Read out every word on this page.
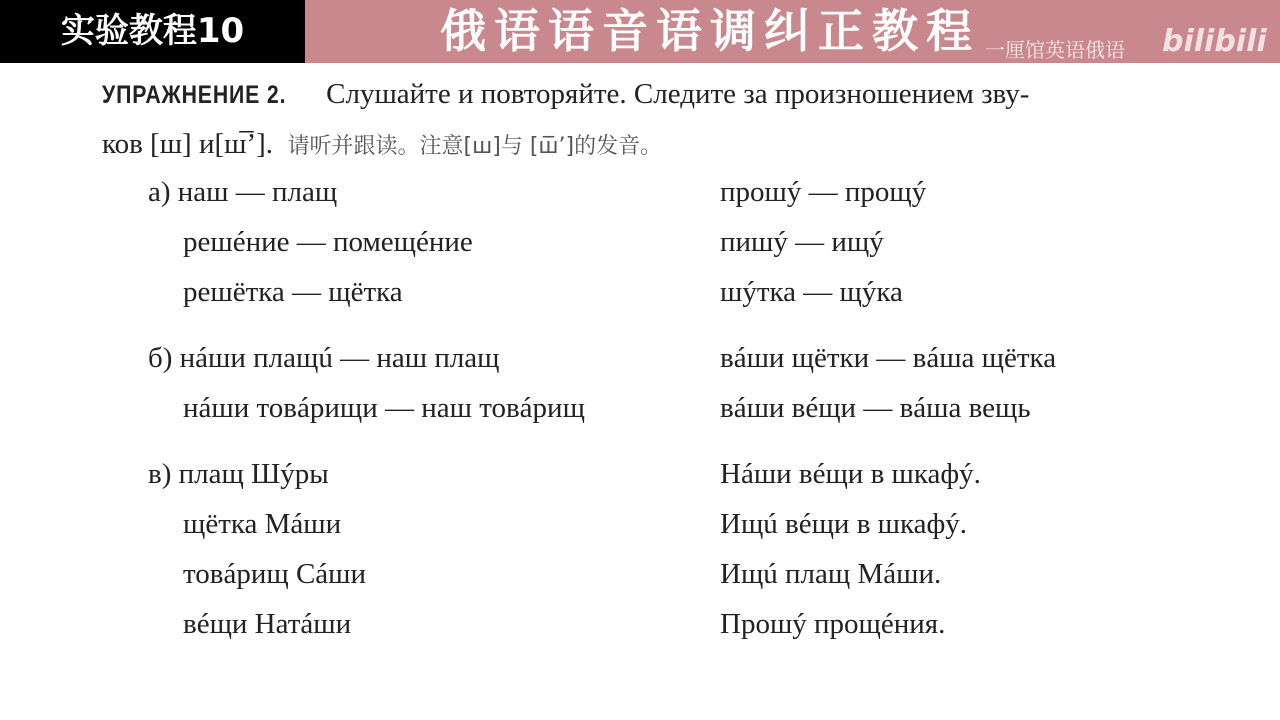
实验教程10	俄语语音语调纠正教程 一厘馆英语俄语 bilibili
УПРАЖНЕНИЕ 2. Слушайте и повторяйте. Следите за произношением зву-
ков [ш] и[ш̅’]. 请听并跟读。注意[ш]与 [ш̅’]的发音。
а) наш — плащ
решéние — помещéние
решётка — щётка
б) нáши плащú — наш плащ
нáши товáрищи — наш товáрищ
в) плащ Шýры
щётка Мáши
товáрищ Сáши
вéщи Натáши
прошý — прощý
пишý — ищý
шýтка — щýка
вáши щётки — вáша щётка
вáши вéщи — вáша вещь
Нáши вéщи в шкафý.
Ищú вéщи в шкафý.
Ищú плащ Мáши.
Прошý прощéния.
